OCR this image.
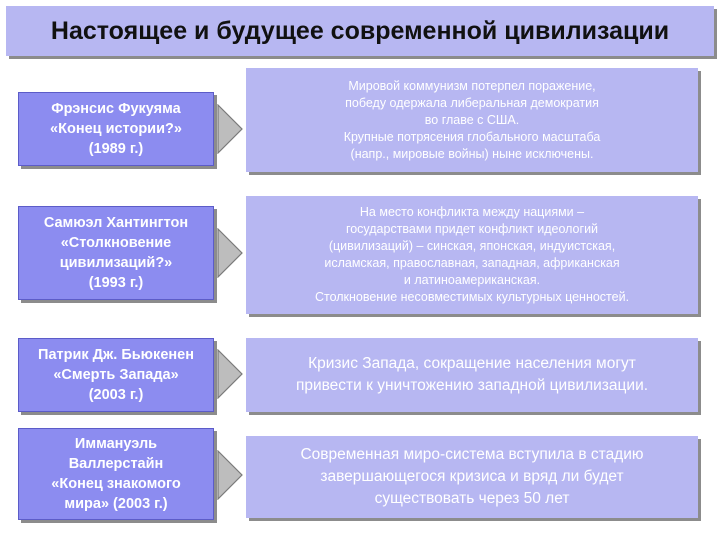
Настоящее и будущее современной цивилизации
Фрэнсис Фукуяма
«Конец истории?»
(1989 г.)
Мировой коммунизм потерпел поражение,
победу одержала либеральная демократия
во главе с США.
Крупные потрясения глобального масштаба
(напр., мировые войны) ныне исключены.
Самюэл Хантингтон
«Столкновение
цивилизаций?»
(1993 г.)
На место конфликта между нациями –
государствами придет конфликт идеологий
(цивилизаций) – синская, японская, индуистская,
исламская, православная, западная, африканская
и латиноамериканская.
Столкновение несовместимых культурных ценностей.
Патрик Дж. Бьюкенен
«Смерть Запада»
(2003 г.)
Кризис Запада, сокращение населения могут
привести к уничтожению западной цивилизации.
Иммануэль
Валлерстайн
«Конец знакомого
мира» (2003 г.)
Современная миро-система вступила в стадию
завершающегося кризиса и вряд ли будет
существовать через 50 лет
